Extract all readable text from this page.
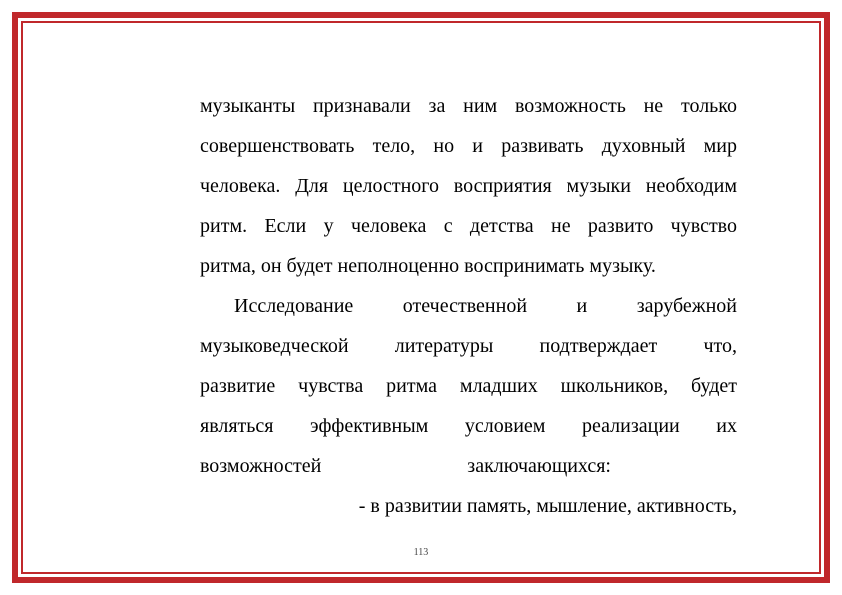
музыканты признавали за ним возможность не только
совершенствовать тело, но и развивать духовный мир
человека. Для целостного восприятия музыки необходим
ритм. Если у человека с детства не развито чувство
ритма, он будет неполноценно воспринимать музыку.
Исследование отечественной и зарубежной
музыковедческой литературы подтверждает что,
развитие чувства ритма младших школьников, будет
являться эффективным условием реализации их
возможностей	заключающихся:
- в развитии память, мышление, активность,
113
